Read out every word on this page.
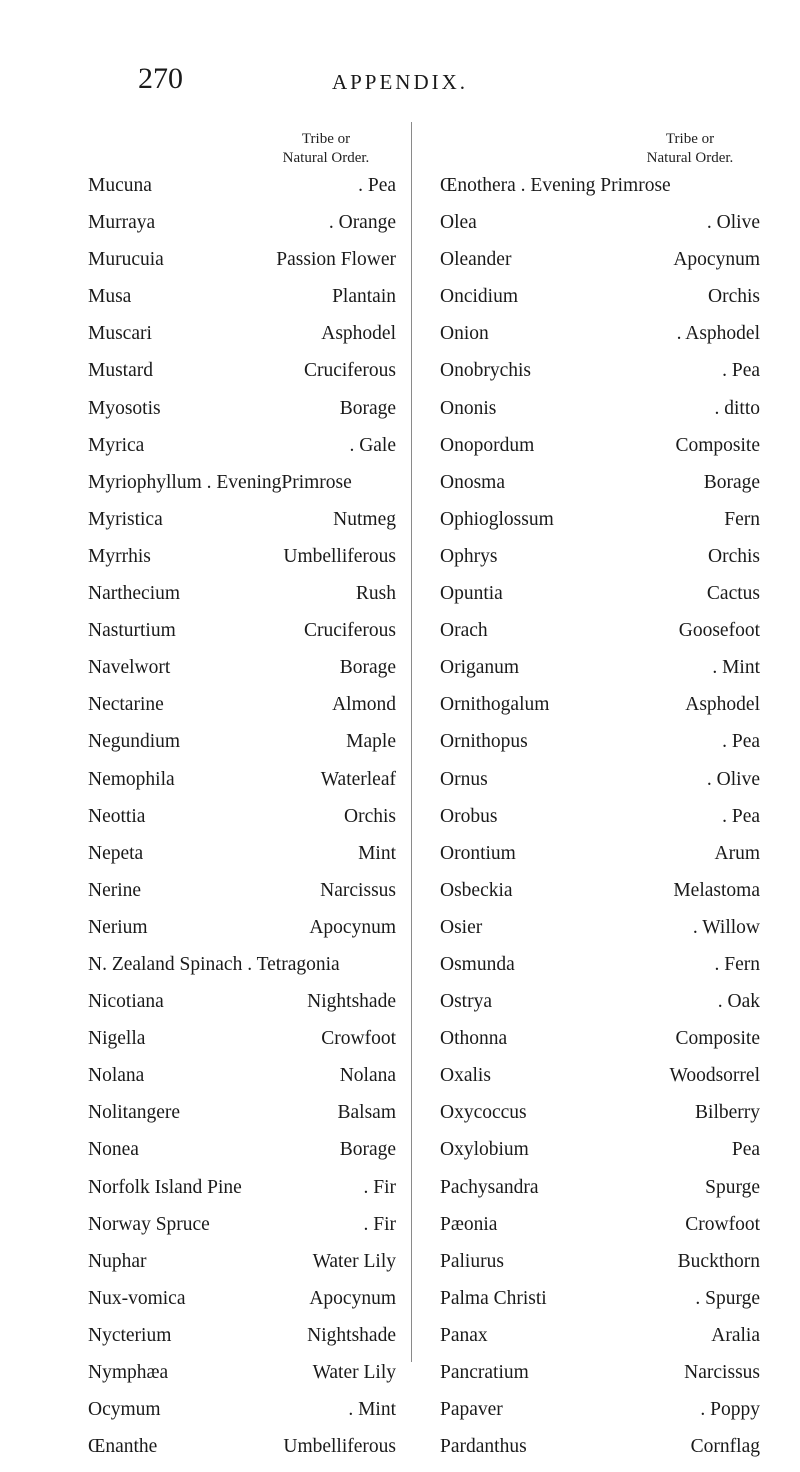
270	APPENDIX.
Tribe or
Natural Order.
Tribe or
Natural Order.
Mucuna	. Pea
Murraya	. Orange
Murucuia	Passion Flower
Musa	Plantain
Muscari	Asphodel
Mustard	Cruciferous
Myosotis	Borage
Myrica	. Gale
Myriophyllum . EveningPrimrose
Myristica	Nutmeg
Myrrhis	Umbelliferous
Narthecium	Rush
Nasturtium	Cruciferous
Navelwort	Borage
Nectarine	Almond
Negundium	Maple
Nemophila	Waterleaf
Neottia	Orchis
Nepeta	Mint
Nerine	Narcissus
Nerium	Apocynum
N. Zealand Spinach . Tetragonia
Nicotiana	Nightshade
Nigella	Crowfoot
Nolana	Nolana
Nolitangere	Balsam
Nonea	Borage
Norfolk Island Pine	. Fir
Norway Spruce	. Fir
Nuphar	Water Lily
Nux-vomica	Apocynum
Nycterium	Nightshade
Nymphæa	Water Lily
Ocymum	. Mint
Œnanthe	Umbelliferous
Œnothera . Evening Primrose
Olea	. Olive
Oleander	Apocynum
Oncidium	Orchis
Onion	. Asphodel
Onobrychis	. Pea
Ononis	. ditto
Onopordum	Composite
Onosma	Borage
Ophioglossum	Fern
Ophrys	Orchis
Opuntia	Cactus
Orach	Goosefoot
Origanum	. Mint
Ornithogalum	Asphodel
Ornithopus	. Pea
Ornus	. Olive
Orobus	. Pea
Orontium	Arum
Osbeckia	Melastoma
Osier	. Willow
Osmunda	. Fern
Ostrya	. Oak
Othonna	Composite
Oxalis	Woodsorrel
Oxycoccus	Bilberry
Oxylobium	Pea
Pachysandra	Spurge
Pæonia	Crowfoot
Paliurus	Buckthorn
Palma Christi	. Spurge
Panax	Aralia
Pancratium	Narcissus
Papaver	. Poppy
Pardanthus	Cornflag
